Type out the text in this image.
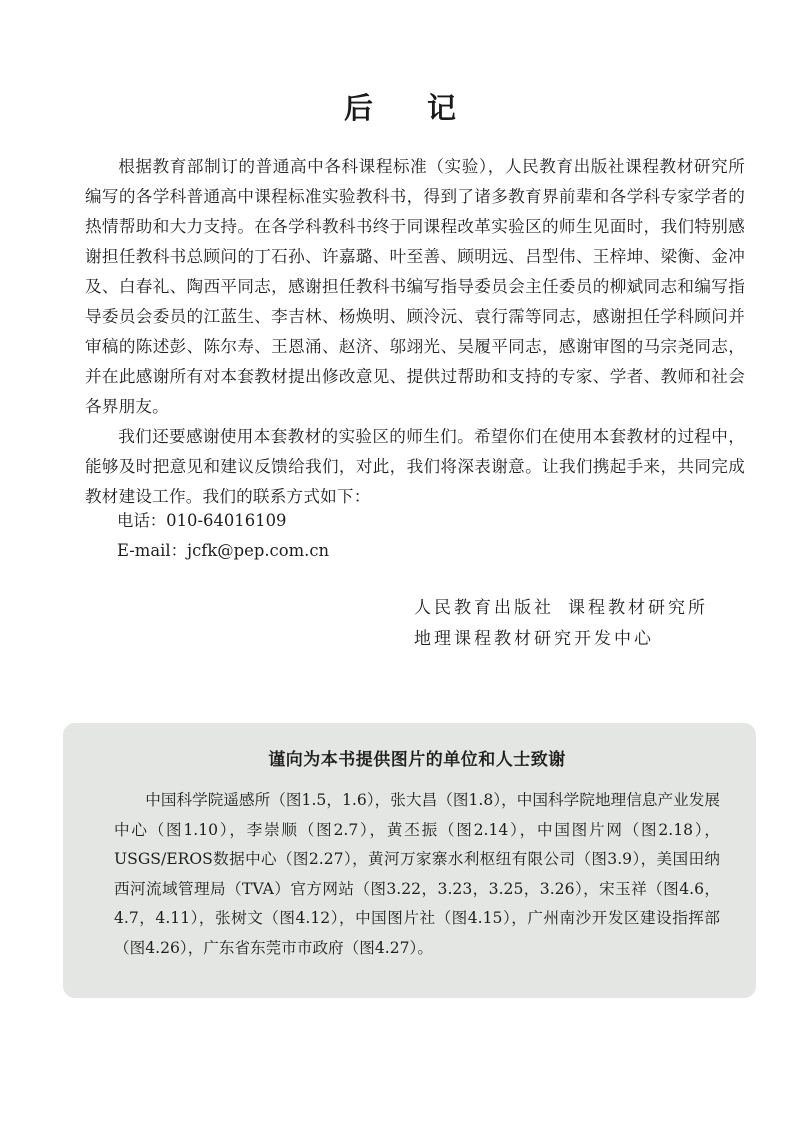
后 记

根据教育部制订的普通高中各科课程标准（实验），人民教育出版社课程教材研究所编写的各学科普通高中课程标准实验教科书，得到了诸多教育界前辈和各学科专家学者的热情帮助和大力支持。在各学科教科书终于同课程改革实验区的师生见面时，我们特别感谢担任教科书总顾问的丁石孙、许嘉璐、叶至善、顾明远、吕型伟、王梓坤、梁衡、金冲及、白春礼、陶西平同志，感谢担任教科书编写指导委员会主任委员的柳斌同志和编写指导委员会委员的江蓝生、李吉林、杨焕明、顾泠沅、袁行霈等同志，感谢担任学科顾问并审稿的陈述彭、陈尔寿、王恩涌、赵济、邬翊光、吴履平同志，感谢审图的马宗尧同志，并在此感谢所有对本套教材提出修改意见、提供过帮助和支持的专家、学者、教师和社会各界朋友。

我们还要感谢使用本套教材的实验区的师生们。希望你们在使用本套教材的过程中，能够及时把意见和建议反馈给我们，对此，我们将深表谢意。让我们携起手来，共同完成教材建设工作。我们的联系方式如下：

电话：010-64016109
E-mail：jcfk@pep.com.cn
人民教育出版社 课程教材研究所
地理课程教材研究开发中心
谨向为本书提供图片的单位和人士致谢

中国科学院遥感所（图1.5，1.6），张大昌（图1.8），中国科学院地理信息产业发展中心（图1.10），李崇顺（图2.7），黄丕振（图2.14），中国图片网（图2.18），USGS/EROS数据中心（图2.27），黄河万家寨水利枢纽有限公司（图3.9），美国田纳西河流域管理局（TVA）官方网站（图3.22，3.23，3.25，3.26），宋玉祥（图4.6，4.7，4.11），张树文（图4.12），中国图片社（图4.15），广州南沙开发区建设指挥部（图4.26），广东省东莞市市政府（图4.27）。
